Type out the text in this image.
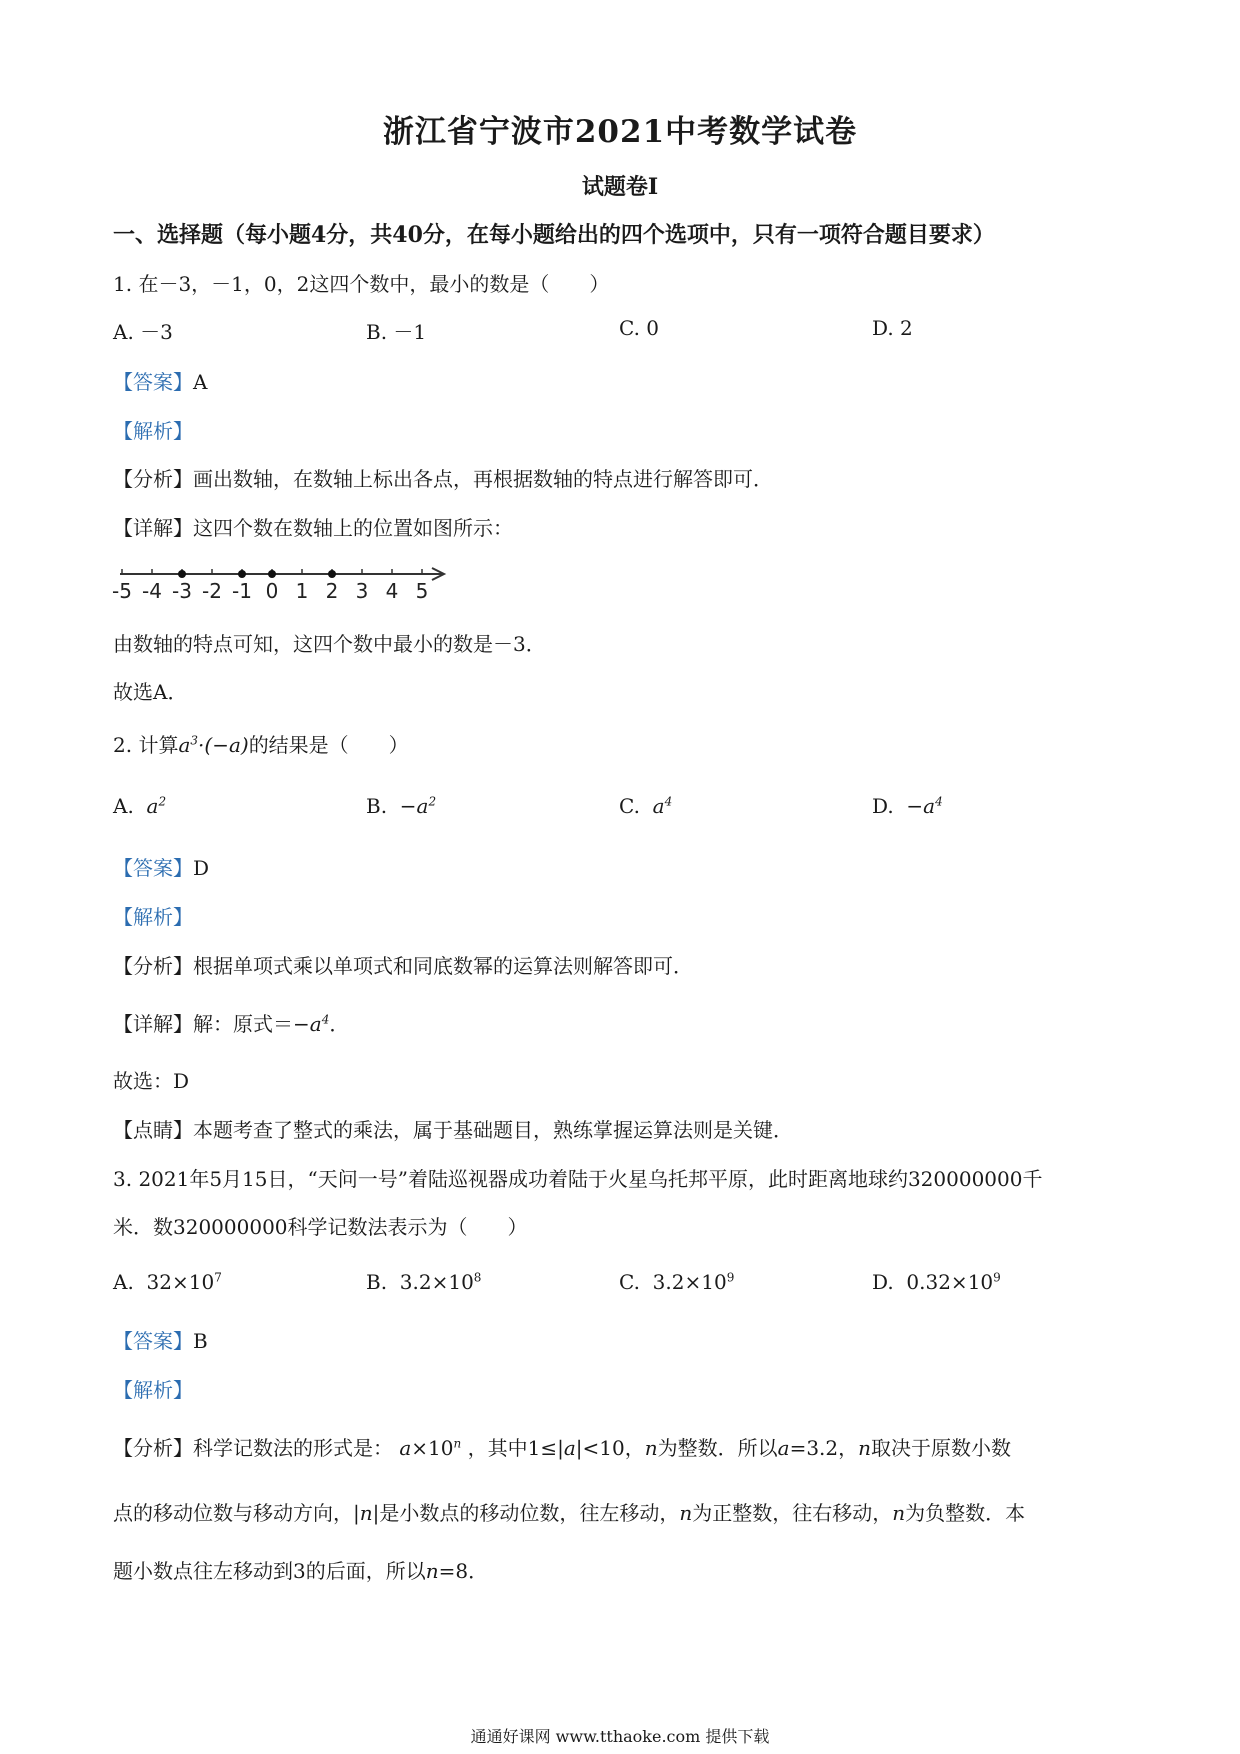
浙江省宁波市2021中考数学试卷
试题卷Ⅰ
一、选择题（每小题4分，共40分，在每小题给出的四个选项中，只有一项符合题目要求）
1. 在－3，－1，0，2这四个数中，最小的数是（　　）
A. －3	B. －1	C. 0	D. 2
【答案】A
【解析】
【分析】画出数轴，在数轴上标出各点，再根据数轴的特点进行解答即可．
【详解】这四个数在数轴上的位置如图所示：
-5 -4 -3 -2 -1 0 1 2 3 4 5
由数轴的特点可知，这四个数中最小的数是－3．
故选A．
2. 计算$a^3\cdot(-a)$的结果是（　　）
A. $a^2$	B. $-a^2$	C. $a^4$	D. $-a^4$
【答案】D
【解析】
【分析】根据单项式乘以单项式和同底数幂的运算法则解答即可．
【详解】解：原式$=-a^4$．
故选：D
【点睛】本题考查了整式的乘法，属于基础题目，熟练掌握运算法则是关键．
3. 2021年5月15日，“天问一号”着陆巡视器成功着陆于火星乌托邦平原，此时距离地球约320000000千
米．数320000000科学记数法表示为（　　）
A.  $32\times 10^7$	B.  $3.2\times 10^8$	C.  $3.2\times 10^9$	D.  $0.32\times 10^9$
【答案】B
【解析】
【分析】科学记数法的形式是： $a\times 10^n$ ，其中1≤|a|<10，n为整数．所以a=3.2，n取决于原数小数
点的移动位数与移动方向，|n|是小数点的移动位数，往左移动，n为正整数，往右移动，n为负整数．本
题小数点往左移动到3的后面，所以n=8．
通通好课网 www.tthaoke.com 提供下载
